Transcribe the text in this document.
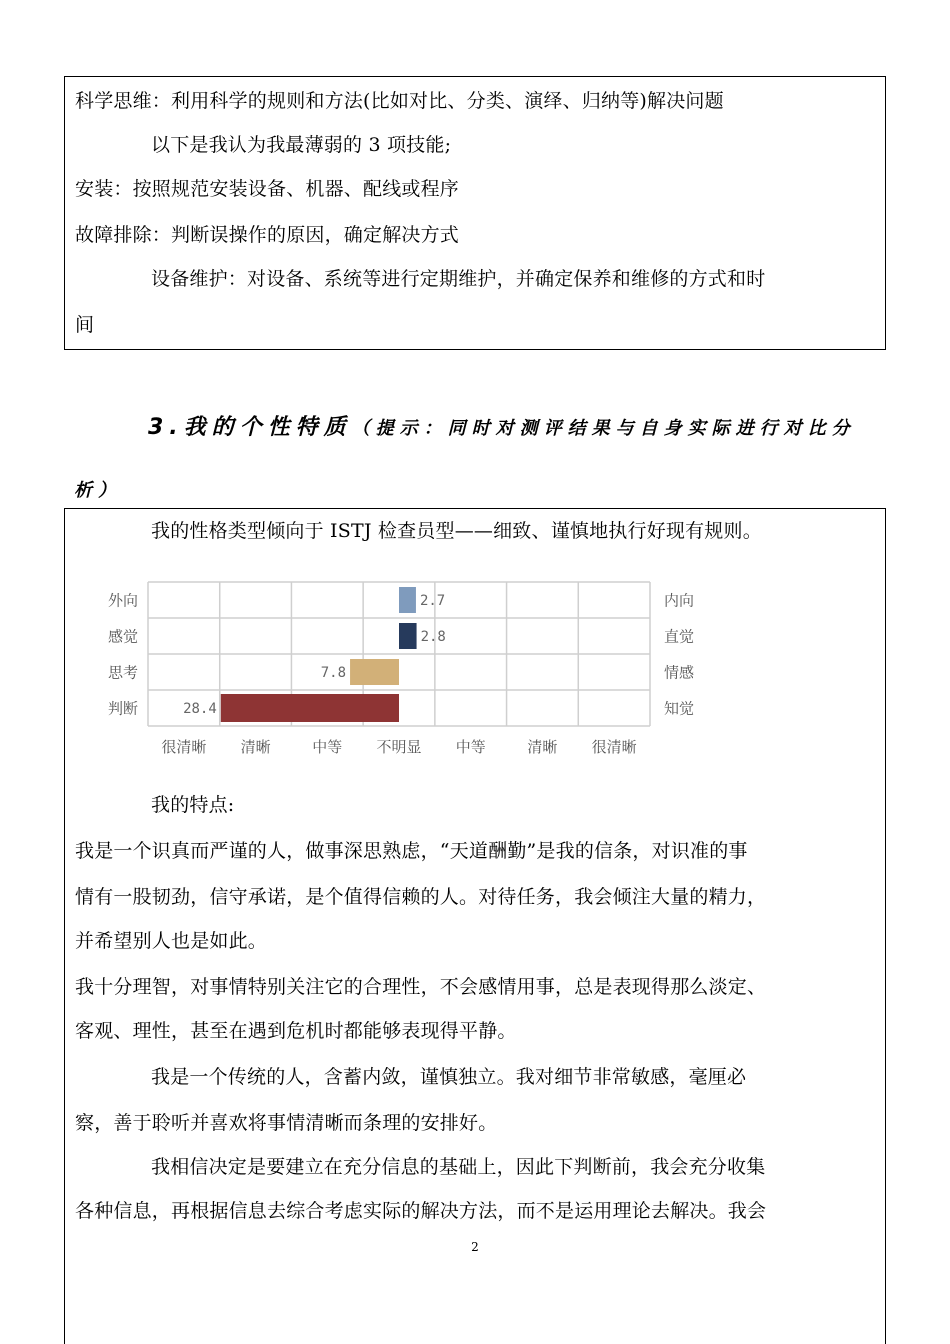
科学思维：利用科学的规则和方法(比如对比、分类、演绎、归纳等)解决问题
以下是我认为我最薄弱的 3 项技能;
安装：按照规范安装设备、机器、配线或程序
故障排除：判断误操作的原因，确定解决方式
设备维护：对设备、系统等进行定期维护，并确定保养和维修的方式和时
间
3.我的个性特质（提示：同时对测评结果与自身实际进行对比分
析）
我的性格类型倾向于 ISTJ 检查员型——细致、谨慎地执行好现有规则。
我的特点:
我是一个识真而严谨的人，做事深思熟虑，“天道酬勤”是我的信条，对识准的事
情有一股韧劲，信守承诺，是个值得信赖的人。对待任务，我会倾注大量的精力，
并希望别人也是如此。
我十分理智，对事情特别关注它的合理性，不会感情用事，总是表现得那么淡定、
客观、理性，甚至在遇到危机时都能够表现得平静。
我是一个传统的人，含蓄内敛，谨慎独立。我对细节非常敏感，毫厘必
察，善于聆听并喜欢将事情清晰而条理的安排好。
我相信决定是要建立在充分信息的基础上，因此下判断前，我会充分收集
各种信息，再根据信息去综合考虑实际的解决方法，而不是运用理论去解决。我会
2.7
外向	内向
2.8
感觉	直觉
7.8
思考	情感
28.4
判断	知觉
很清晰 清晰	中等 不明显 中等	清晰 很清晰
2
